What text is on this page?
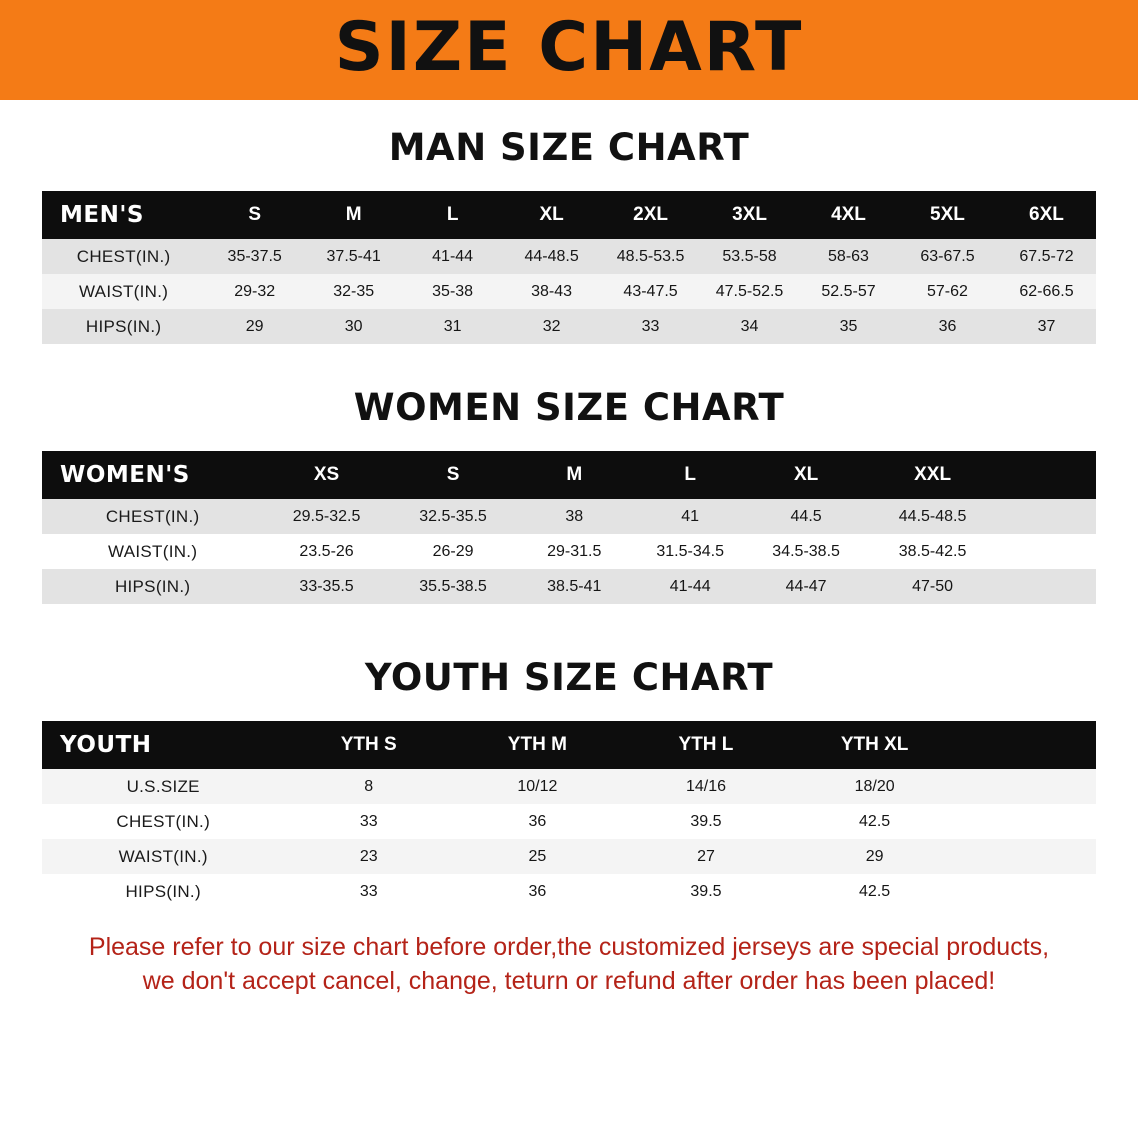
SIZE CHART
MAN SIZE CHART
MEN'S	S	M	L	XL	2XL	3XL	4XL	5XL	6XL
CHEST(IN.)	35-37.5	37.5-41	41-44	44-48.5	48.5-53.5	53.5-58	58-63	63-67.5	67.5-72
WAIST(IN.)	29-32	32-35	35-38	38-43	43-47.5	47.5-52.5	52.5-57	57-62	62-66.5
HIPS(IN.)	29	30	31	32	33	34	35	36	37
WOMEN SIZE CHART
WOMEN'S	XS	S	M	L	XL	XXL	
CHEST(IN.)	29.5-32.5	32.5-35.5	38	41	44.5	44.5-48.5	
WAIST(IN.)	23.5-26	26-29	29-31.5	31.5-34.5	34.5-38.5	38.5-42.5	
HIPS(IN.)	33-35.5	35.5-38.5	38.5-41	41-44	44-47	47-50	
YOUTH SIZE CHART
YOUTH	YTH S	YTH M	YTH L	YTH XL	
U.S.SIZE	8	10/12	14/16	18/20	
CHEST(IN.)	33	36	39.5	42.5	
WAIST(IN.)	23	25	27	29	
HIPS(IN.)	33	36	39.5	42.5	
Please refer to our size chart before order,the customized jerseys are special products,
we don't accept cancel, change, teturn or refund after order has been placed!
